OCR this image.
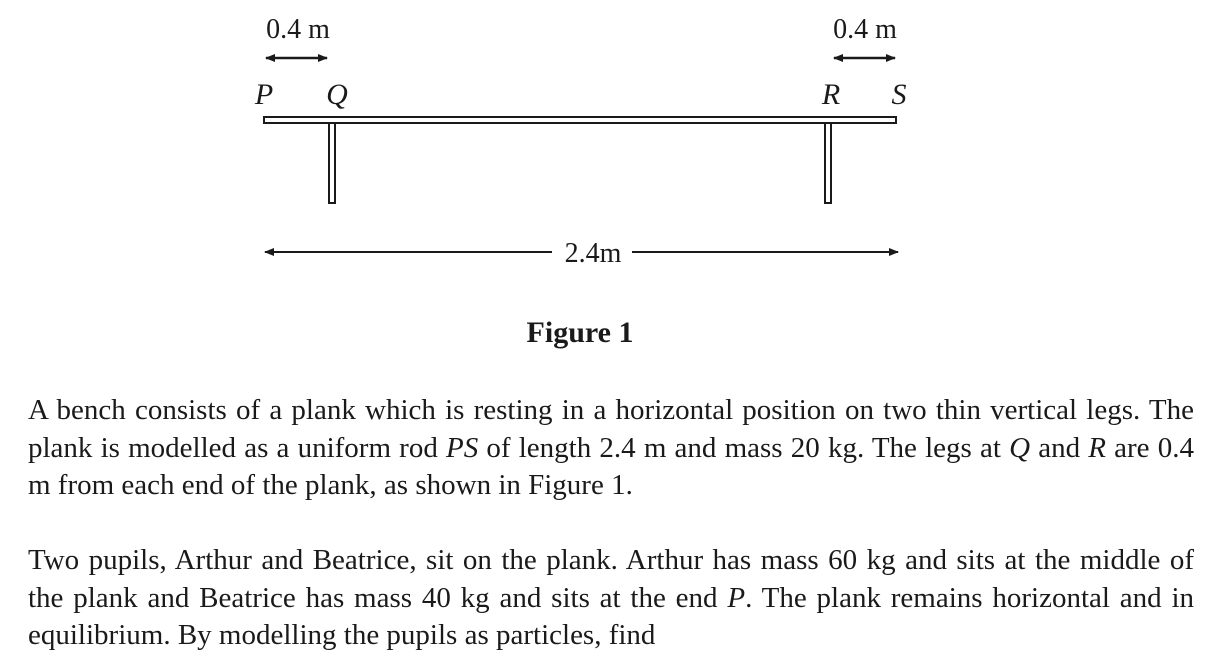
0.4 m	0.4 m
P Q	R S
2.4m
Figure 1

A bench consists of a plank which is resting in a horizontal position on two thin vertical legs. The plank is modelled as a uniform rod PS of length 2.4 m and mass 20 kg. The legs at Q and R are 0.4 m from each end of the plank, as shown in Figure 1.

Two pupils, Arthur and Beatrice, sit on the plank. Arthur has mass 60 kg and sits at the middle of the plank and Beatrice has mass 40 kg and sits at the end P. The plank remains horizontal and in equilibrium. By modelling the pupils as particles, find
